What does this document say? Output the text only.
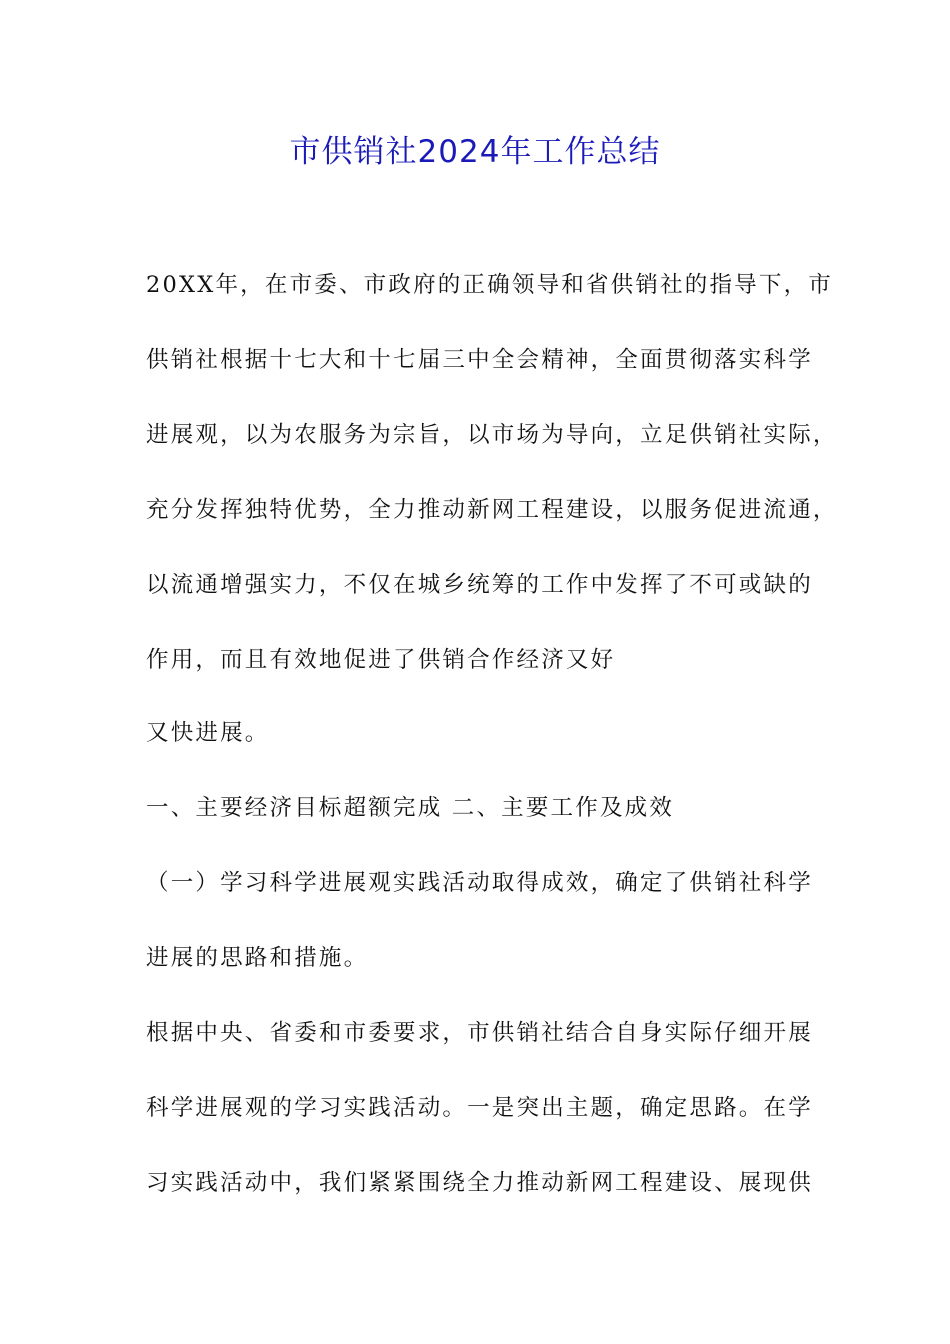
市供销社2024年工作总结
20XX年，在市委、市政府的正确领导和省供销社的指导下，市
供销社根据十七大和十七届三中全会精神，全面贯彻落实科学
进展观，以为农服务为宗旨，以市场为导向，立足供销社实际，
充分发挥独特优势，全力推动新网工程建设，以服务促进流通，
以流通增强实力，不仅在城乡统筹的工作中发挥了不可或缺的
作用，而且有效地促进了供销合作经济又好
又快进展。
一、主要经济目标超额完成 二、主要工作及成效
（一）学习科学进展观实践活动取得成效，确定了供销社科学
进展的思路和措施。
根据中央、省委和市委要求，市供销社结合自身实际仔细开展
科学进展观的学习实践活动。一是突出主题，确定思路。在学
习实践活动中，我们紧紧围绕全力推动新网工程建设、展现供
